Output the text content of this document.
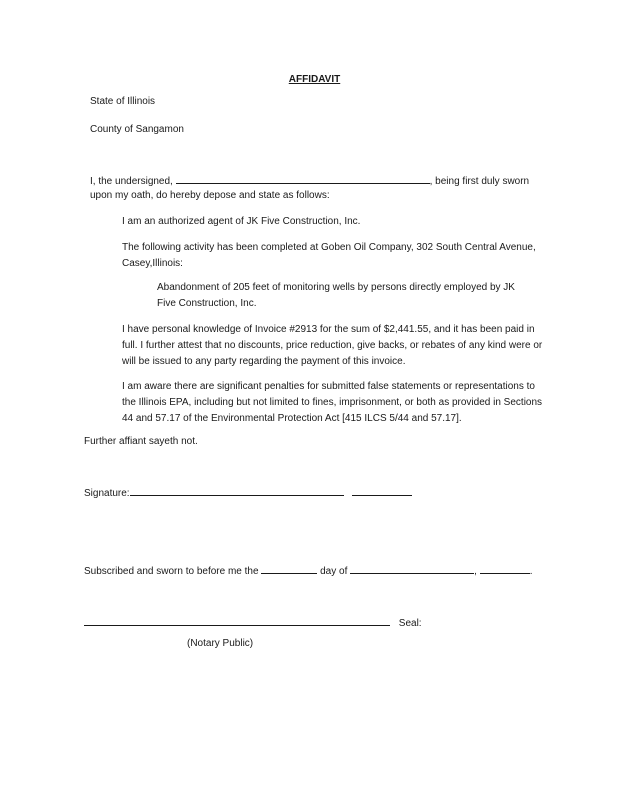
AFFIDAVIT
State of Illinois
County of Sangamon
I, the undersigned,	, being first duly sworn
upon my oath, do hereby depose and state as follows:
I am an authorized agent of JK Five Construction, Inc.
The following activity has been completed at Goben Oil Company, 302 South Central Avenue, Casey,Illinois:
Abandonment of 205 feet of monitoring wells by persons directly employed by JK Five Construction, Inc.
I have personal knowledge of Invoice #2913 for the sum of $2,441.55, and it has been paid in full. I further attest that no discounts, price reduction, give backs, or rebates of any kind were or will be issued to any party regarding the payment of this invoice.
I am aware there are significant penalties for submitted false statements or representations to the Illinois EPA, including but not limited to fines, imprisonment, or both as provided in Sections 44 and 57.17 of the Environmental Protection Act [415 ILCS 5/44 and 57.17].
Further affiant sayeth not.
Signature:
Subscribed and sworn to before me the	day of	,	.
Seal:
(Notary Public)
